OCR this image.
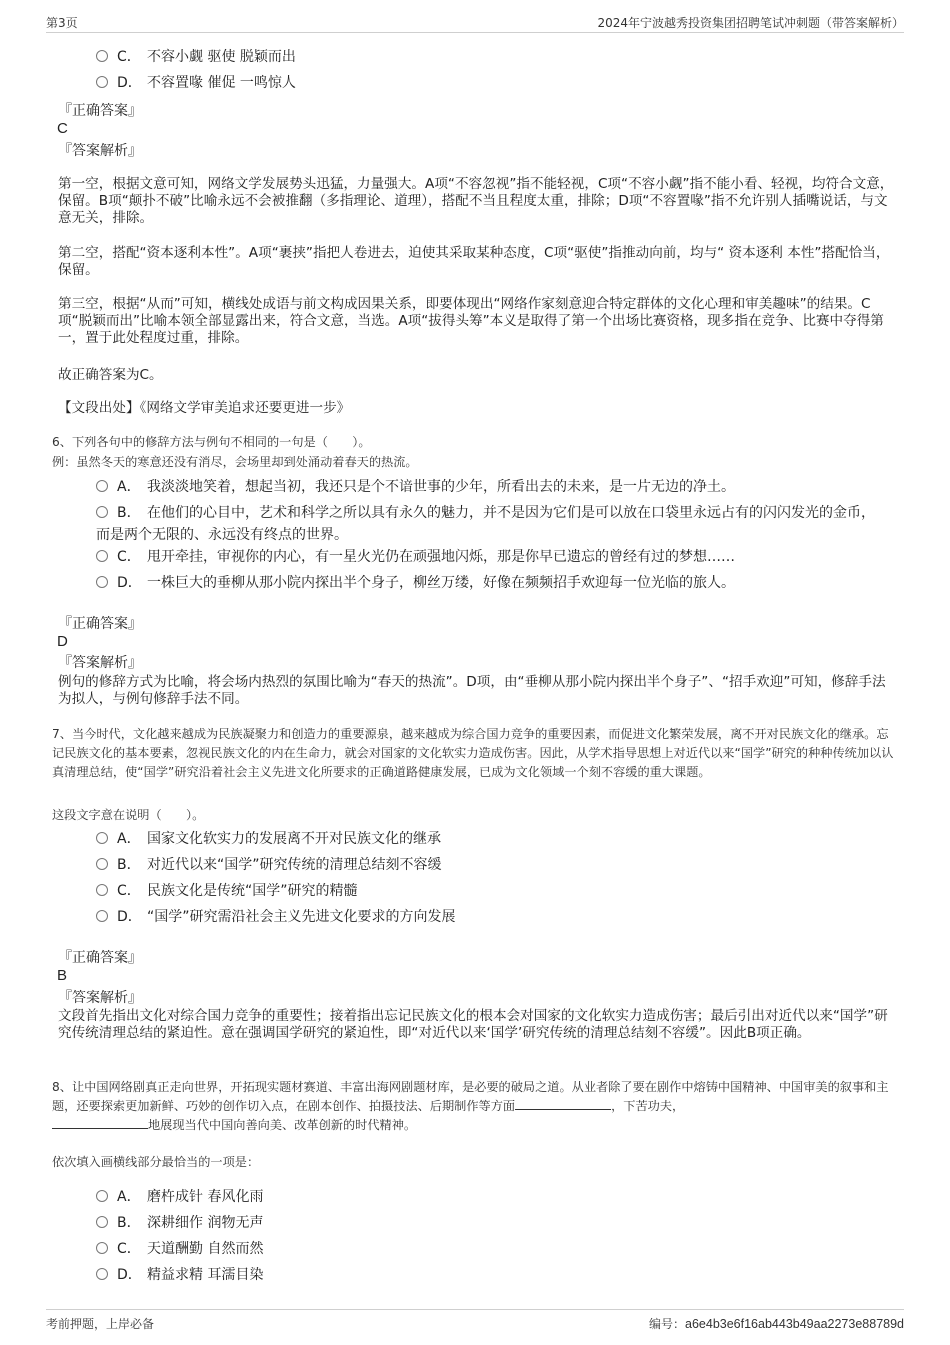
第3页	2024年宁波越秀投资集团招聘笔试冲刺题（带答案解析）
C． 不容小觑 驱使 脱颖而出
D． 不容置喙 催促 一鸣惊人
『正确答案』
C
『答案解析』
第一空，根据文意可知，网络文学发展势头迅猛，力量强大。A项“不容忽视”指不能轻视，C项“不容小觑”指不能小看、轻视，均符合文意，保留。B项“颠扑不破”比喻永远不会被推翻（多指理论、道理），搭配不当且程度太重，排除；D项“不容置喙”指不允许别人插嘴说话，与文意无关，排除。
第二空，搭配“资本逐利本性”。A项“裹挟”指把人卷进去，迫使其采取某种态度，C项“驱使”指推动向前，均与“ 资本逐利 本性”搭配恰当，保留。
第三空，根据“从而”可知，横线处成语与前文构成因果关系，即要体现出“网络作家刻意迎合特定群体的文化心理和审美趣味”的结果。C项“脱颖而出”比喻本领全部显露出来，符合文意，当选。A项“拔得头筹”本义是取得了第一个出场比赛资格，现多指在竞争、比赛中夺得第一，置于此处程度过重，排除。
故正确答案为C。
【文段出处】《网络文学审美追求还要更进一步》
6、下列各句中的修辞方法与例句不相同的一句是（　　）。
例：虽然冬天的寒意还没有消尽，会场里却到处涌动着春天的热流。
A． 我淡淡地笑着，想起当初，我还只是个不谙世事的少年，所看出去的未来，是一片无边的净土。
B． 在他们的心目中，艺术和科学之所以具有永久的魅力，并不是因为它们是可以放在口袋里永远占有的闪闪发光的金币，而是两个无限的、永远没有终点的世界。
C． 甩开牵挂，审视你的内心，有一星火光仍在顽强地闪烁，那是你早已遗忘的曾经有过的梦想……
D． 一株巨大的垂柳从那小院内探出半个身子，柳丝万缕，好像在频频招手欢迎每一位光临的旅人。
『正确答案』
D
『答案解析』
例句的修辞方式为比喻，将会场内热烈的氛围比喻为“春天的热流”。D项，由“垂柳从那小院内探出半个身子”、“招手欢迎”可知，修辞手法为拟人，与例句修辞手法不同。
7、当今时代，文化越来越成为民族凝聚力和创造力的重要源泉，越来越成为综合国力竞争的重要因素，而促进文化繁荣发展，离不开对民族文化的继承。忘记民族文化的基本要素，忽视民族文化的内在生命力，就会对国家的文化软实力造成伤害。因此，从学术指导思想上对近代以来“国学”研究的种种传统加以认真清理总结，使“国学”研究沿着社会主义先进文化所要求的正确道路健康发展，已成为文化领域一个刻不容缓的重大课题。
这段文字意在说明（　　）。
A． 国家文化软实力的发展离不开对民族文化的继承
B． 对近代以来“国学”研究传统的清理总结刻不容缓
C． 民族文化是传统“国学”研究的精髓
D． “国学”研究需沿社会主义先进文化要求的方向发展
『正确答案』
B
『答案解析』
文段首先指出文化对综合国力竞争的重要性；接着指出忘记民族文化的根本会对国家的文化软实力造成伤害；最后引出对近代以来“国学”研究传统清理总结的紧迫性。意在强调国学研究的紧迫性，即“对近代以来‘国学’研究传统的清理总结刻不容缓”。因此B项正确。
8、让中国网络剧真正走向世界，开拓现实题材赛道、丰富出海网剧题材库，是必要的破局之道。从业者除了要在剧作中熔铸中国精神、中国审美的叙事和主题，还要探索更加新鲜、巧妙的创作切入点，在剧本创作、拍摄技法、后期制作等方面	，下苦功夫，
地展现当代中国向善向美、改革创新的时代精神。
依次填入画横线部分最恰当的一项是：
A． 磨杵成针 春风化雨
B． 深耕细作 润物无声
C． 天道酬勤 自然而然
D． 精益求精 耳濡目染
考前押题，上岸必备	编号：a6e4b3e6f16ab443b49aa2273e88789d
